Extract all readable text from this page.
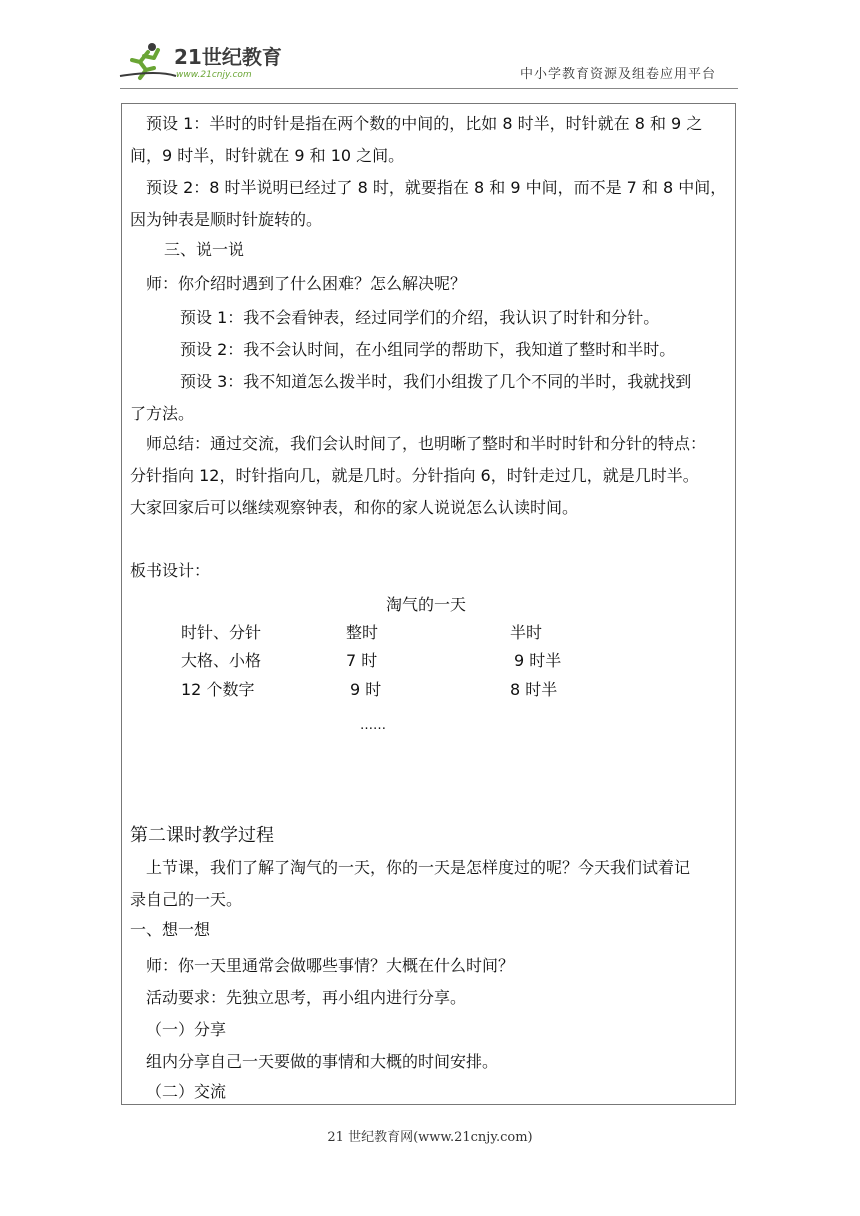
21世纪教育
www.21cnjy.com	中小学教育资源及组卷应用平台
预设 1：半时的时针是指在两个数的中间的，比如 8 时半，时针就在 8 和 9 之
间，9 时半，时针就在 9 和 10 之间。
预设 2：8 时半说明已经过了 8 时，就要指在 8 和 9 中间，而不是 7 和 8 中间，
因为钟表是顺时针旋转的。
三、说一说
师：你介绍时遇到了什么困难？怎么解决呢？
预设 1：我不会看钟表，经过同学们的介绍，我认识了时针和分针。
预设 2：我不会认时间，在小组同学的帮助下，我知道了整时和半时。
预设 3：我不知道怎么拨半时，我们小组拨了几个不同的半时，我就找到
了方法。
师总结：通过交流，我们会认时间了，也明晰了整时和半时时针和分针的特点：
分针指向 12，时针指向几，就是几时。分针指向 6，时针走过几，就是几时半。
大家回家后可以继续观察钟表，和你的家人说说怎么认读时间。
板书设计：
淘气的一天
时针、分针	整时	半时
大格、小格	7 时	9 时半
12 个数字	9 时	8 时半
……
第二课时教学过程
上节课，我们了解了淘气的一天，你的一天是怎样度过的呢？今天我们试着记
录自己的一天。
一、想一想
师：你一天里通常会做哪些事情？大概在什么时间？
活动要求：先独立思考，再小组内进行分享。
（一）分享
组内分享自己一天要做的事情和大概的时间安排。
（二）交流
21 世纪教育网(www.21cnjy.com)
